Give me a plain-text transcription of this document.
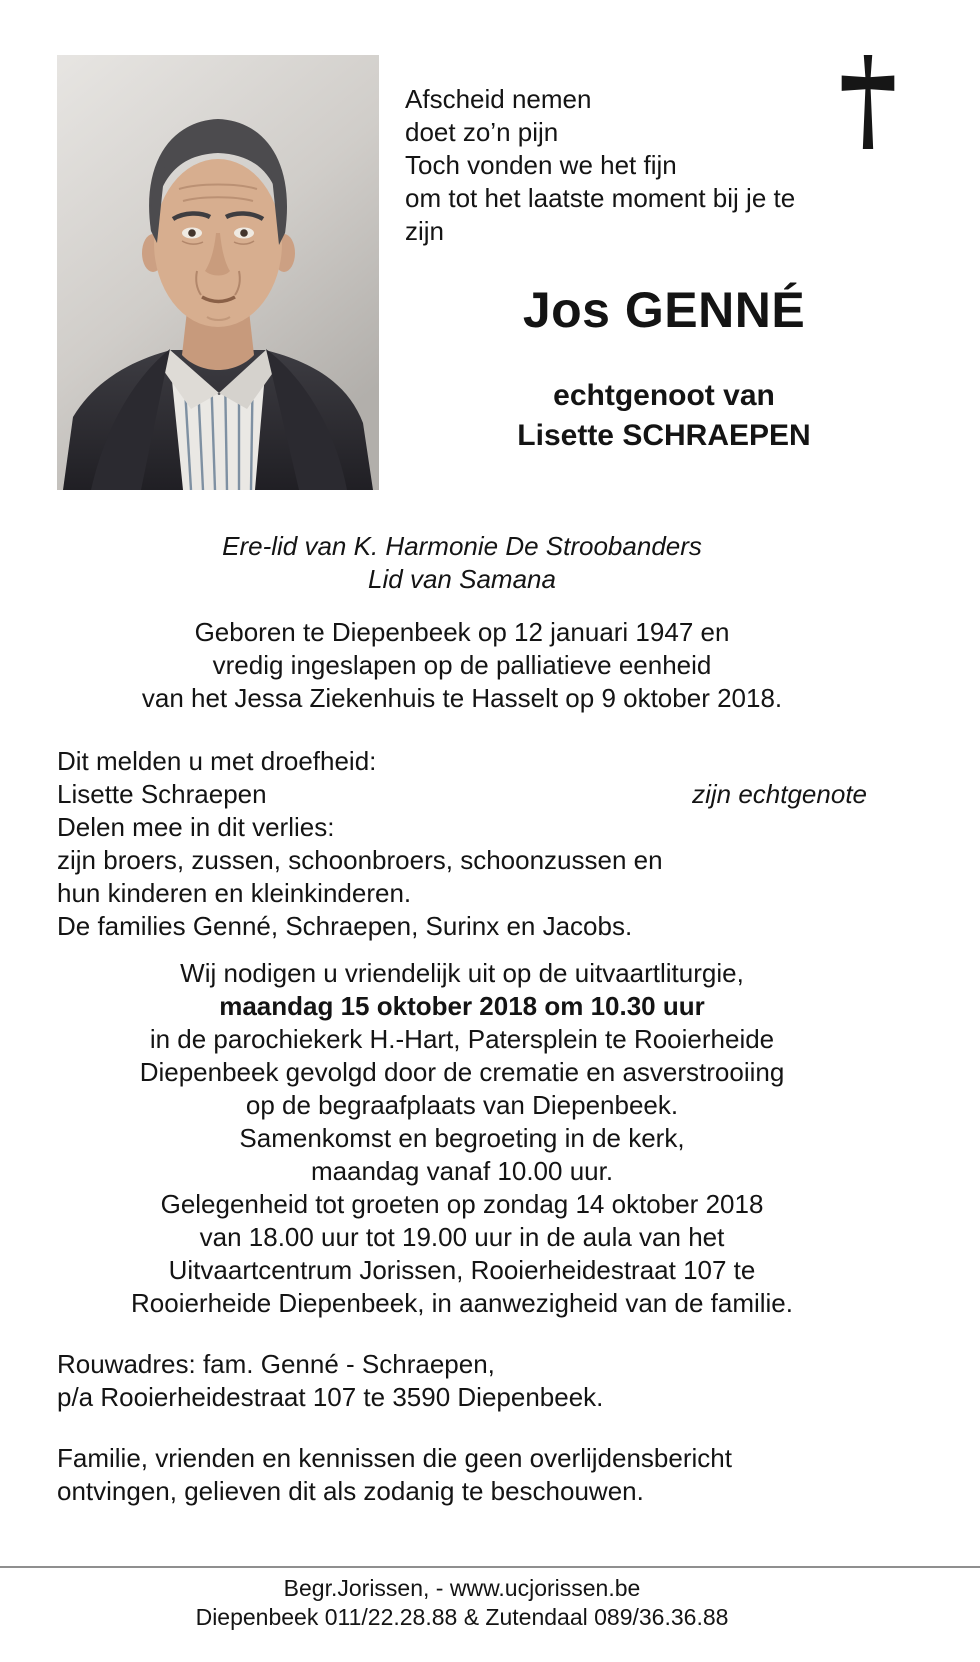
Afscheid nemen
doet zo’n pijn
Toch vonden we het fijn
om tot het laatste moment bij je te
zijn
Jos GENNÉ
echtgenoot van
Lisette SCHRAEPEN
Ere-lid van K. Harmonie De Stroobanders
Lid van Samana
Geboren te Diepenbeek op 12 januari 1947 en
vredig ingeslapen op de palliatieve eenheid
van het Jessa Ziekenhuis te Hasselt op 9 oktober 2018.
Dit melden u met droefheid:
Lisette Schraepen	zijn echtgenote
Delen mee in dit verlies:
zijn broers, zussen, schoonbroers, schoonzussen en
hun kinderen en kleinkinderen.
De families Genné, Schraepen, Surinx en Jacobs.
Wij nodigen u vriendelijk uit op de uitvaartliturgie,
maandag 15 oktober 2018 om 10.30 uur
in de parochiekerk H.-Hart, Patersplein te Rooierheide
Diepenbeek gevolgd door de crematie en asverstrooiing
op de begraafplaats van Diepenbeek.
Samenkomst en begroeting in de kerk,
maandag vanaf 10.00 uur.
Gelegenheid tot groeten op zondag 14 oktober 2018
van 18.00 uur tot 19.00 uur in de aula van het
Uitvaartcentrum Jorissen, Rooierheidestraat 107 te
Rooierheide Diepenbeek, in aanwezigheid van de familie.
Rouwadres: fam. Genné - Schraepen,
p/a Rooierheidestraat 107 te 3590 Diepenbeek.
Familie, vrienden en kennissen die geen overlijdensbericht
ontvingen, gelieven dit als zodanig te beschouwen.
Begr.Jorissen, - www.ucjorissen.be
Diepenbeek 011/22.28.88 & Zutendaal 089/36.36.88
